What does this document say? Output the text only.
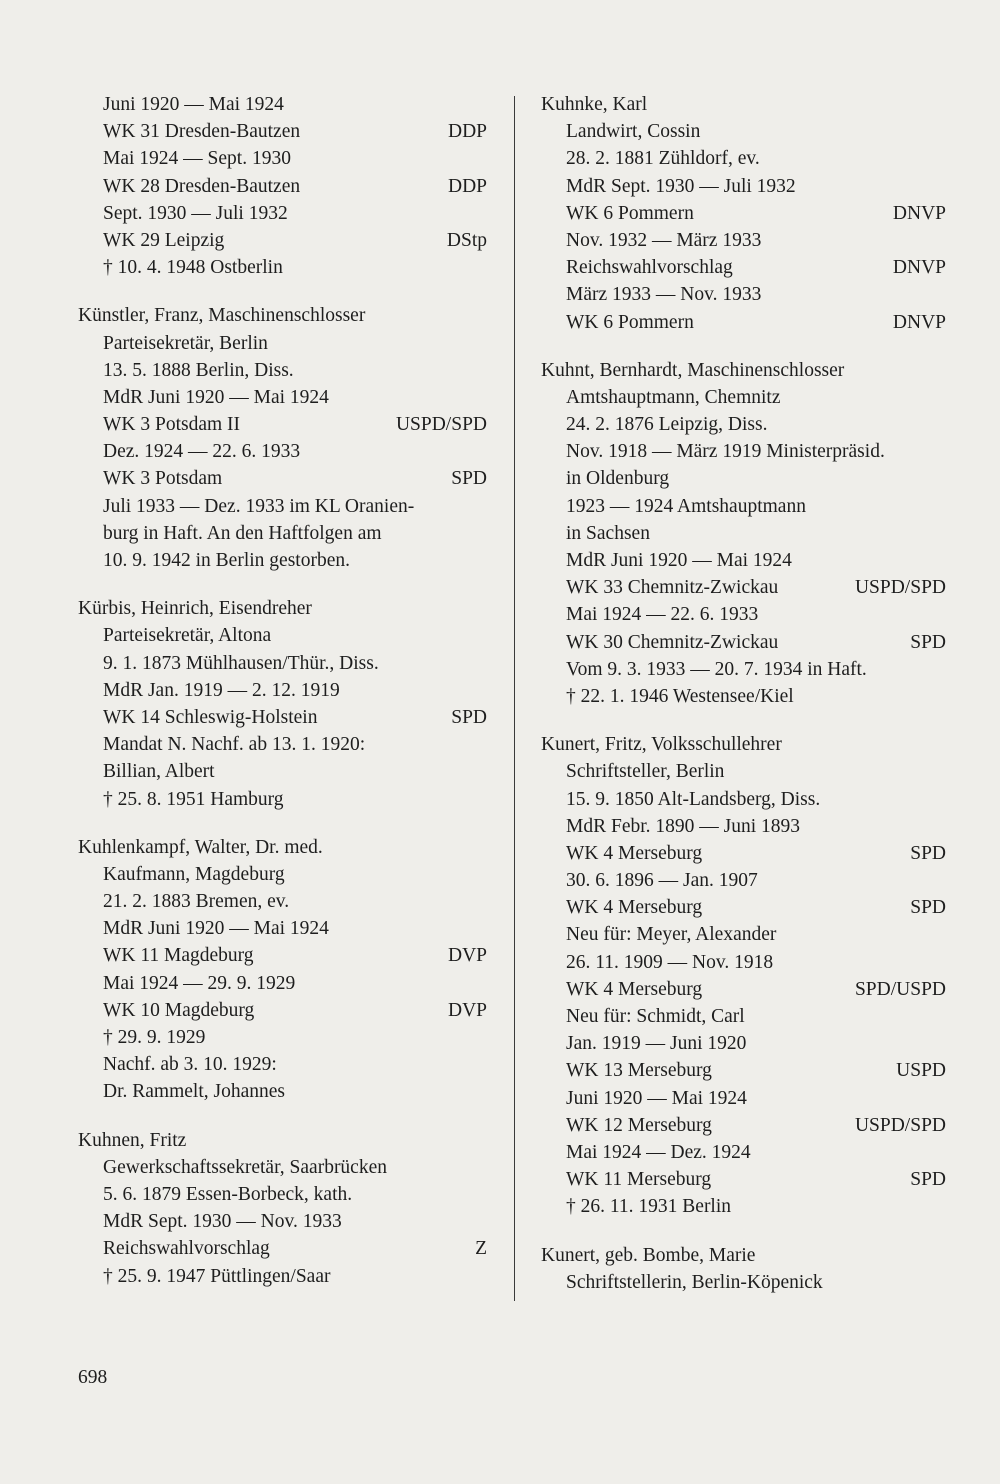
Juni 1920 — Mai 1924
WK 31 Dresden-Bautzen	DDP
Mai 1924 — Sept. 1930
WK 28 Dresden-Bautzen	DDP
Sept. 1930 — Juli 1932
WK 29 Leipzig	DStp
† 10. 4. 1948 Ostberlin
Künstler, Franz, Maschinenschlosser
Parteisekretär, Berlin
13. 5. 1888 Berlin, Diss.
MdR Juni 1920 — Mai 1924
WK 3 Potsdam II	USPD/SPD
Dez. 1924 — 22. 6. 1933
WK 3 Potsdam	SPD
Juli 1933 — Dez. 1933 im KL Oranien-
burg in Haft. An den Haftfolgen am
10. 9. 1942 in Berlin gestorben.
Kürbis, Heinrich, Eisendreher
Parteisekretär, Altona
9. 1. 1873 Mühlhausen/Thür., Diss.
MdR Jan. 1919 — 2. 12. 1919
WK 14 Schleswig-Holstein	SPD
Mandat N. Nachf. ab 13. 1. 1920:
Billian, Albert
† 25. 8. 1951 Hamburg
Kuhlenkampf, Walter, Dr. med.
Kaufmann, Magdeburg
21. 2. 1883 Bremen, ev.
MdR Juni 1920 — Mai 1924
WK 11 Magdeburg	DVP
Mai 1924 — 29. 9. 1929
WK 10 Magdeburg	DVP
† 29. 9. 1929
Nachf. ab 3. 10. 1929:
Dr. Rammelt, Johannes
Kuhnen, Fritz
Gewerkschaftssekretär, Saarbrücken
5. 6. 1879 Essen-Borbeck, kath.
MdR Sept. 1930 — Nov. 1933
Reichswahlvorschlag	Z
† 25. 9. 1947 Püttlingen/Saar
Kuhnke, Karl
Landwirt, Cossin
28. 2. 1881 Zühldorf, ev.
MdR Sept. 1930 — Juli 1932
WK 6 Pommern	DNVP
Nov. 1932 — März 1933
Reichswahlvorschlag	DNVP
März 1933 — Nov. 1933
WK 6 Pommern	DNVP
Kuhnt, Bernhardt, Maschinenschlosser
Amtshauptmann, Chemnitz
24. 2. 1876 Leipzig, Diss.
Nov. 1918 — März 1919 Ministerpräsid.
in Oldenburg
1923 — 1924 Amtshauptmann
in Sachsen
MdR Juni 1920 — Mai 1924
WK 33 Chemnitz-Zwickau	USPD/SPD
Mai 1924 — 22. 6. 1933
WK 30 Chemnitz-Zwickau	SPD
Vom 9. 3. 1933 — 20. 7. 1934 in Haft.
† 22. 1. 1946 Westensee/Kiel
Kunert, Fritz, Volksschullehrer
Schriftsteller, Berlin
15. 9. 1850 Alt-Landsberg, Diss.
MdR Febr. 1890 — Juni 1893
WK 4 Merseburg	SPD
30. 6. 1896 — Jan. 1907
WK 4 Merseburg	SPD
Neu für: Meyer, Alexander
26. 11. 1909 — Nov. 1918
WK 4 Merseburg	SPD/USPD
Neu für: Schmidt, Carl
Jan. 1919 — Juni 1920
WK 13 Merseburg	USPD
Juni 1920 — Mai 1924
WK 12 Merseburg	USPD/SPD
Mai 1924 — Dez. 1924
WK 11 Merseburg	SPD
† 26. 11. 1931 Berlin
Kunert, geb. Bombe, Marie
Schriftstellerin, Berlin-Köpenick
698
